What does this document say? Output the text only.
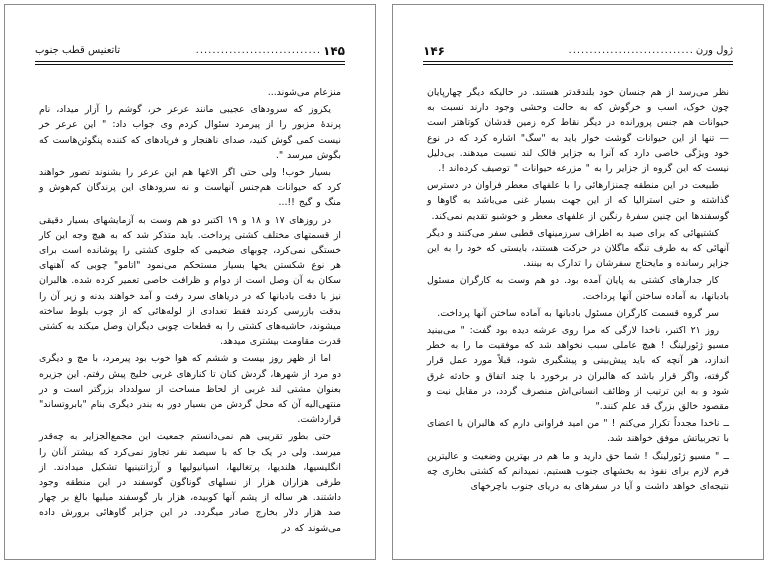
۱۴۵
..............................
تاتعنیس قطب جنوب

منزعام می‌شوند...

یکروز که سرودهای عجیبی مانند عرعر خر، گوشم را آزار میداد، نام پرندۀ مزبور را از پیرمرد سئوال کردم وی جواب داد: " این عرعر خر نیست کمی گوش کنید، صدای ناهنجار و فریادهای که کننده پنگوئن‌هاست که بگوش میرسد ".

بسیار خوب! ولی حتی اگر الاغها هم این عرعر را بشنوند تصور خواهند کرد که حیوانات هم‌جنس آنهاست و نه سرودهای این پرندگان کم‌هوش و منگ و گیج !!...

در روزهای ۱۷ و ۱۸ و ۱۹ اکتبر دو هم وست به آزمایشهای بسیار دقیقی از قسمتهای مختلف کشتی پرداخت. باید متذکر شد که به هیچ وجه این کار خستگی نمی‌کرد، چوبهای ضخیمی که جلوی کشتی را پوشانده است برای هر نوع شکستن یخها بسیار مستحکم می‌نمود "اتامو" چوبی که آهنهای سکان به آن وصل است از دوام و ظرافت خاصی تعمیر کرده شده. هالبران نیز با دقت بادبانها که در دریاهای سرد رفت و آمد خواهند بدنه و زیر آن را بدقت بازرسی کردند فقط تعدادی از لوله‌هائی که از چوب بلوط ساخته میشوند، حاشیه‌های کشتی را به قطعات چوبی دیگران وصل میکند به کشتی قدرت مقاومت بیشتری میدهد.

اما از ظهر روز بیست و ششم که هوا خوب بود پیرمرد، با مچ و دیگری دو مرد از شهرها، گردش کنان تا کنارهای غربی خلیج پیش رفتم. این جزیره بعنوان مشتی لند غربی از لحاظ مساحت از سولدداد بزرگتر است و در منتهی‌الیه آن که محل گردش من بسیار دور به بندر دیگری بنام "بابروتساند" قرارداشت.

حتی بطور تقریبی هم نمی‌دانستم جمعیت این مجمع‌الجزایر به چه‌قدر میرسد. ولی در یک جا که با سیصد نفر تجاوز نمی‌کرد که بیشتر آنان را انگلیسیها، هلندیها، پرتغالیها، اسپانیولیها و آرژانتینیها تشکیل میدادند. از طرفی هزاران هزار از نسلهای گوناگون گوسفند در این منطقه وجود داشتند. هر ساله از پشم آنها کوبیده، هزار بار گوسفند میلیها بالغ بر چهار صد هزار دلار بخارج صادر میگردد. در این جزایر گاوهائی برورش داده می‌شوند که در

ژول ورن
..............................
۱۴۶

نظر می‌رسد از هم جنسان خود بلندقدتر هستند. در حالیکه دیگر چهارپایان چون خوک، اسب و خرگوش که به حالت وحشی وجود دارند نسبت به حیوانات هم جنس پرورانده در دیگر نقاط کره زمین قدشان کوتاهتر است — تنها از این حیوانات گوشت خوار باید به "سگ" اشاره کرد که در نوع خود ویژگی خاصی دارد که آنرا به جزایر فالک لند نسبت میدهند. بی‌دلیل نیست که این گروه از جزایر را به " مزرعه حیوانات " توصیف کرده‌اند !.

طبیعت در این منطقه چمنزارهائی را با علفهای معطر فراوان در دسترس گذاشته و حتی استرالیا که از این جهت بسیار غنی می‌باشد به گاوها و گوسفندها این چنین سفرهٔ رنگین از علفهای معطر و خوشبو تقدیم نمی‌کند.

کشتیهائی که برای صید به اطراف سرزمینهای قطبی سفر می‌کنند و دیگر آنهائی که به طرف تنگه ماگلان در حرکت هستند، بایستی که خود را به این جزایر رسانده و مایحتاج سفرشان را تدارک به بینند.

کار جدارهای کشتی به پایان آمده بود. دو هم وست به کارگران مسئول بادبانها، به آماده ساختن آنها پرداخت.

سر گروه قسمت کارگران مسئول بادبانها به آماده ساختن آنها پرداخت.

روز ۲۱ اکتبر، ناخدا لارگی که مرا روی عرشه دیده بود گفت: " می‌بینید مسیو ژئورلینگ ! هیچ عاملی سبب نخواهد شد که موفقیت ما را به خطر اندازد، هر آنچه که باید پیش‌بینی و پیشگیری شود، قبلاً مورد عمل قرار گرفته، واگر قرار باشد که هالبران در برخورد با چند اتفاق و حادثه غرق شود و به این ترتیب از وظائف انسانی‌اش منصرف گردد، در مقابل نیت و مقصود خالق بزرگ قد علم کنند."

ــ ناخدا مجدداً تکرار می‌کنم ! " من امید فراوانی دارم که هالبران با اعضای با تجربیاتش موفق خواهند شد.

ــ " مسیو ژئورلینگ ! شما حق دارید و ما هم در بهترین وضعیت و عالیترین فرم لازم برای نفوذ به بخشهای جنوب هستیم. نمیدانم که کشتی بخاری چه نتیجه‌ای خواهد داشت و آیا در سفرهای به دریای جنوب باچرخهای
